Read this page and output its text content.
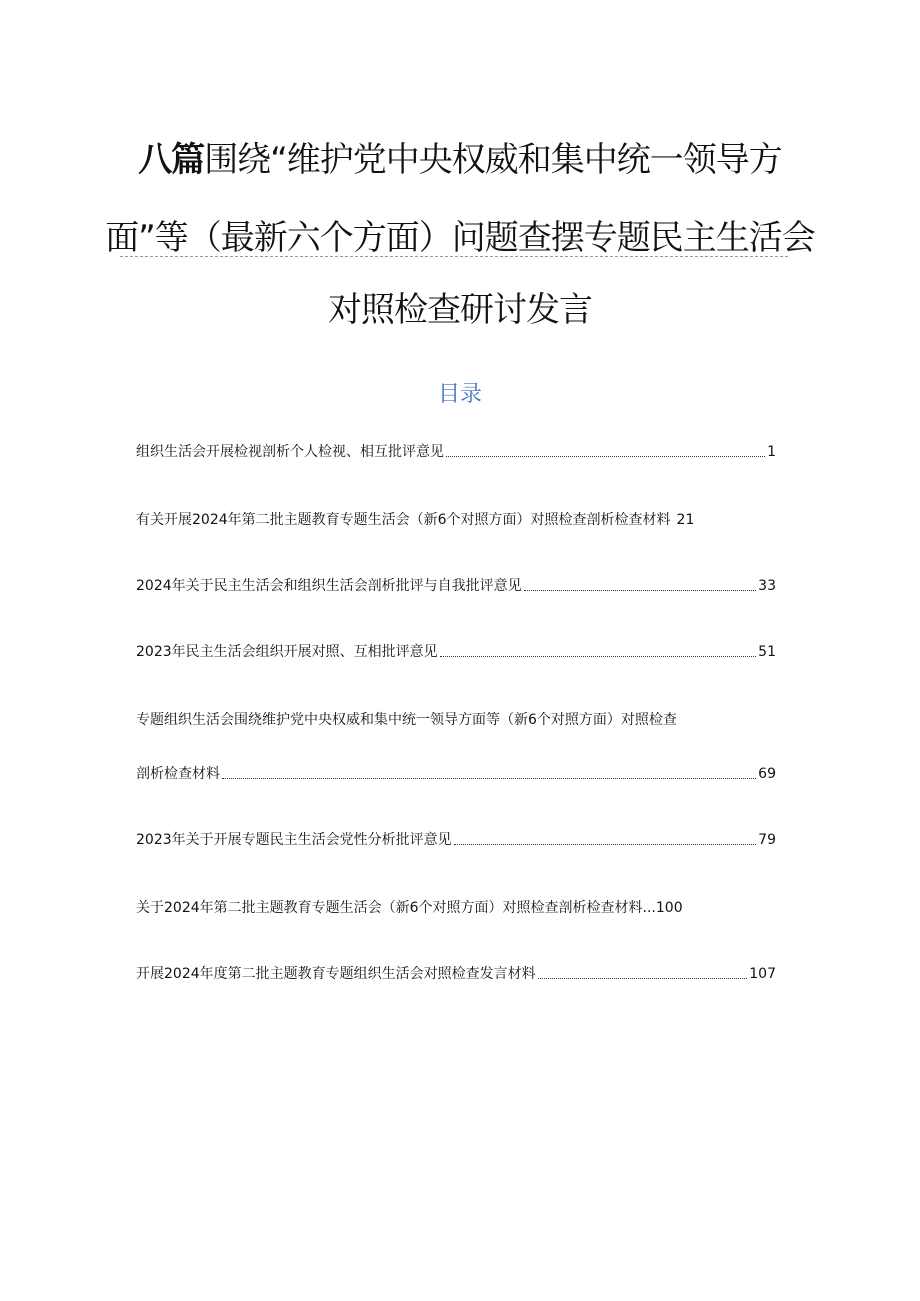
八篇围绕“维护党中央权威和集中统一领导方
面”等（最新六个方面）问题查摆专题民主生活会
对照检查研讨发言
目录
组织生活会开展检视剖析个人检视、相互批评意见	1
有关开展2024年第二批主题教育专题生活会（新6个对照方面）对照检查剖析检查材料 21
2024年关于民主生活会和组织生活会剖析批评与自我批评意见	33
2023年民主生活会组织开展对照、互相批评意见	51
专题组织生活会围绕维护党中央权威和集中统一领导方面等（新6个对照方面）对照检查
剖析检查材料	69
2023年关于开展专题民主生活会党性分析批评意见	79
关于2024年第二批主题教育专题生活会（新6个对照方面）对照检查剖析检查材料... 100
开展2024年度第二批主题教育专题组织生活会对照检查发言材料	107
